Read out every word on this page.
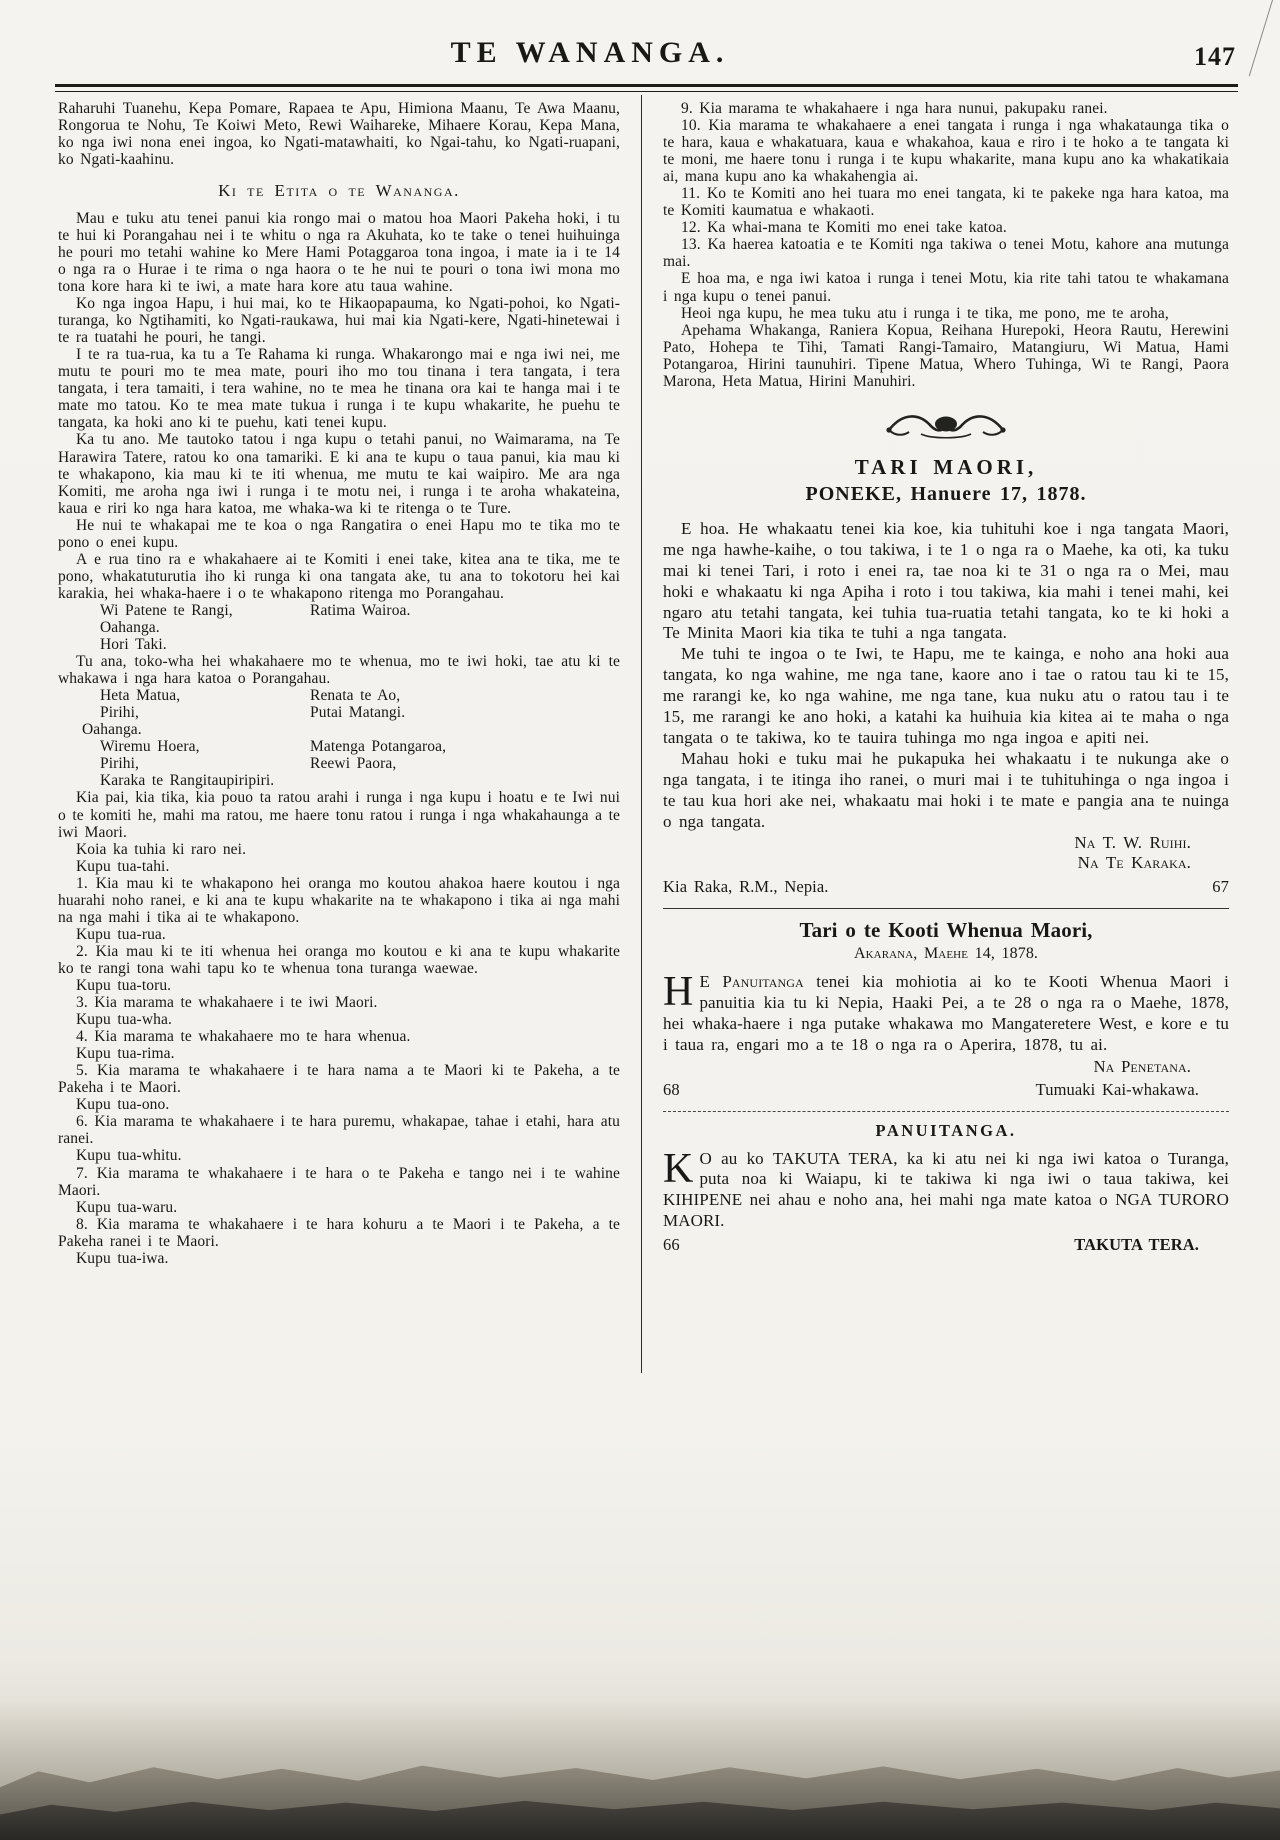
TE WANANGA.	147

Raharuhi Tuanehu, Kepa Pomare, Rapaea te Apu, Himiona Maanu, Te Awa Maanu, Rongorua te Nohu, Te Koiwi Meto, Rewi Waihareke, Mihaere Korau, Kepa Mana, ko nga iwi nona enei ingoa, ko Ngati-matawhaiti, ko Ngai-tahu, ko Ngati-ruapani, ko Ngati-kaahinu.

Ki te Etita o te Wananga.

Mau e tuku atu tenei panui kia rongo mai o matou hoa Maori Pakeha hoki, i tu te hui ki Porangahau nei i te whitu o nga ra Akuhata, ko te take o tenei huihuinga he pouri mo tetahi wahine ko Mere Hami Potaggaroa tona ingoa, i mate ia i te 14 o nga ra o Hurae i te rima o nga haora o te he nui te pouri o tona iwi mona mo tona kore hara ki te iwi, a mate hara kore atu taua wahine.

Ko nga ingoa Hapu, i hui mai, ko te Hikaopapauma, ko Ngati-pohoi, ko Ngati-turanga, ko Ngtihamiti, ko Ngati-raukawa, hui mai kia Ngati-kere, Ngati-hinetewai i te ra tuatahi he pouri, he tangi.

I te ra tua-rua, ka tu a Te Rahama ki runga. Whakarongo mai e nga iwi nei, me mutu te pouri mo te mea mate, pouri iho mo tou tinana i tera tangata, i tera tangata, i tera tamaiti, i tera wahine, no te mea he tinana ora kai te hanga mai i te mate mo tatou. Ko te mea mate tukua i runga i te kupu whakarite, he puehu te tangata, ka hoki ano ki te puehu, kati tenei kupu.

Ka tu ano. Me tautoko tatou i nga kupu o tetahi panui, no Waimarama, na Te Harawira Tatere, ratou ko ona tamariki. E ki ana te kupu o taua panui, kia mau ki te whakapono, kia mau ki te iti whenua, me mutu te kai waipiro. Me ara nga Komiti, me aroha nga iwi i runga i te motu nei, i runga i te aroha whakateina, kaua e riri ko nga hara katoa, me whaka-wa ki te ritenga o te Ture.

He nui te whakapai me te koa o nga Rangatira o enei Hapu mo te tika mo te pono o enei kupu.

A e rua tino ra e whakahaere ai te Komiti i enei take, kitea ana te tika, me te pono, whakatuturutia iho ki runga ki ona tangata ake, tu ana to tokotoru hei kai karakia, hei whaka-haere i o te whakapono ritenga mo Porangahau.

Wi Patene te Rangi,	Ratima Wairoa.
Oahanga.
Hori Taki.

Tu ana, toko-wha hei whakahaere mo te whenua, mo te iwi hoki, tae atu ki te whakawa i nga hara katoa o Porangahau.

Heta Matua,	Renata te Ao,
Pirihi,	Putai Matangi.
Oahanga.
Wiremu Hoera,	Matenga Potangaroa,
Pirihi,	Reewi Paora,
Karaka te Rangitaupiripiri.

Kia pai, kia tika, kia pouo ta ratou arahi i runga i nga kupu i hoatu e te Iwi nui o te komiti he, mahi ma ratou, me haere tonu ratou i runga i nga whakahaunga a te iwi Maori.

Koia ka tuhia ki raro nei.

Kupu tua-tahi.

1. Kia mau ki te whakapono hei oranga mo koutou ahakoa haere koutou i nga huarahi noho ranei, e ki ana te kupu whakarite na te whakapono i tika ai nga mahi na nga mahi i tika ai te whakapono.

Kupu tua-rua.

2. Kia mau ki te iti whenua hei oranga mo koutou e ki ana te kupu whakarite ko te rangi tona wahi tapu ko te whenua tona turanga waewae.

Kupu tua-toru.

3. Kia marama te whakahaere i te iwi Maori.

Kupu tua-wha.

4. Kia marama te whakahaere mo te hara whenua.

Kupu tua-rima.

5. Kia marama te whakahaere i te hara nama a te Maori ki te Pakeha, a te Pakeha i te Maori.

Kupu tua-ono.

6. Kia marama te whakahaere i te hara puremu, whakapae, tahae i etahi, hara atu ranei.

Kupu tua-whitu.

7. Kia marama te whakahaere i te hara o te Pakeha e tango nei i te wahine Maori.

Kupu tua-waru.

8. Kia marama te whakahaere i te hara kohuru a te Maori i te Pakeha, a te Pakeha ranei i te Maori.

Kupu tua-iwa.

9. Kia marama te whakahaere i nga hara nunui, pakupaku ranei.

10. Kia marama te whakahaere a enei tangata i runga i nga whakataunga tika o te hara, kaua e whakatuara, kaua e whakahoa, kaua e riro i te hoko a te tangata ki te moni, me haere tonu i runga i te kupu whakarite, mana kupu ano ka whakatikaia ai, mana kupu ano ka whakahengia ai.

11. Ko te Komiti ano hei tuara mo enei tangata, ki te pakeke nga hara katoa, ma te Komiti kaumatua e whakaoti.

12. Ka whai-mana te Komiti mo enei take katoa.

13. Ka haerea katoatia e te Komiti nga takiwa o tenei Motu, kahore ana mutunga mai.

E hoa ma, e nga iwi katoa i runga i tenei Motu, kia rite tahi tatou te whakamana i nga kupu o tenei panui.

Heoi nga kupu, he mea tuku atu i runga i te tika, me pono, me te aroha,

Apehama Whakanga, Raniera Kopua, Reihana Hurepoki, Heora Rautu, Herewini Pato, Hohepa te Tihi, Tamati Rangi-Tamairo, Matangiuru, Wi Matua, Hami Potangaroa, Hirini taunuhiri. Tipene Matua, Whero Tuhinga, Wi te Rangi, Paora Marona, Heta Matua, Hirini Manuhiri.

TARI MAORI,
PONEKE, Hanuere 17, 1878.

E hoa. He whakaatu tenei kia koe, kia tuhituhi koe i nga tangata Maori, me nga hawhe-kaihe, o tou takiwa, i te 1 o nga ra o Maehe, ka oti, ka tuku mai ki tenei Tari, i roto i enei ra, tae noa ki te 31 o nga ra o Mei, mau hoki e whakaatu ki nga Apiha i roto i tou takiwa, kia mahi i tenei mahi, kei ngaro atu tetahi tangata, kei tuhia tua-ruatia tetahi tangata, ko te ki hoki a Te Minita Maori kia tika te tuhi a nga tangata.

Me tuhi te ingoa o te Iwi, te Hapu, me te kainga, e noho ana hoki aua tangata, ko nga wahine, me nga tane, kaore ano i tae o ratou tau ki te 15, me rarangi ke, ko nga wahine, me nga tane, kua nuku atu o ratou tau i te 15, me rarangi ke ano hoki, a katahi ka huihuia kia kitea ai te maha o nga tangata o te takiwa, ko te tauira tuhinga mo nga ingoa e apiti nei.

Mahau hoki e tuku mai he pukapuka hei whakaatu i te nukunga ake o nga tangata, i te itinga iho ranei, o muri mai i te tuhituhinga o nga ingoa i te tau kua hori ake nei, whakaatu mai hoki i te mate e pangia ana te nuinga o nga tangata.

Na T. W. Ruihi.

Na Te Karaka.

Kia Raka, R.M., Nepia.	67
Tari o te Kooti Whenua Maori,

Akarana, Maehe 14, 1878.

H E Panuitanga tenei kia mohiotia ai ko te Kooti Whenua Maori i panuitia kia tu ki Nepia, Haaki Pei, a te 28 o nga ra o Maehe, 1878, hei whaka-haere i nga putake whakawa mo Mangateretere West, e kore e tu i taua ra, engari mo a te 18 o nga ra o Aperira, 1878, tu ai.

Na Penetana.

68	Tumuaki Kai-whakawa.
PANUITANGA.

K O au ko TAKUTA TERA, ka ki atu nei ki nga iwi katoa o Turanga, puta noa ki Waiapu, ki te takiwa ki nga iwi o taua takiwa, kei KIHIPENE nei ahau e noho ana, hei mahi nga mate katoa o NGA TURORO MAORI.

66	TAKUTA TERA.
